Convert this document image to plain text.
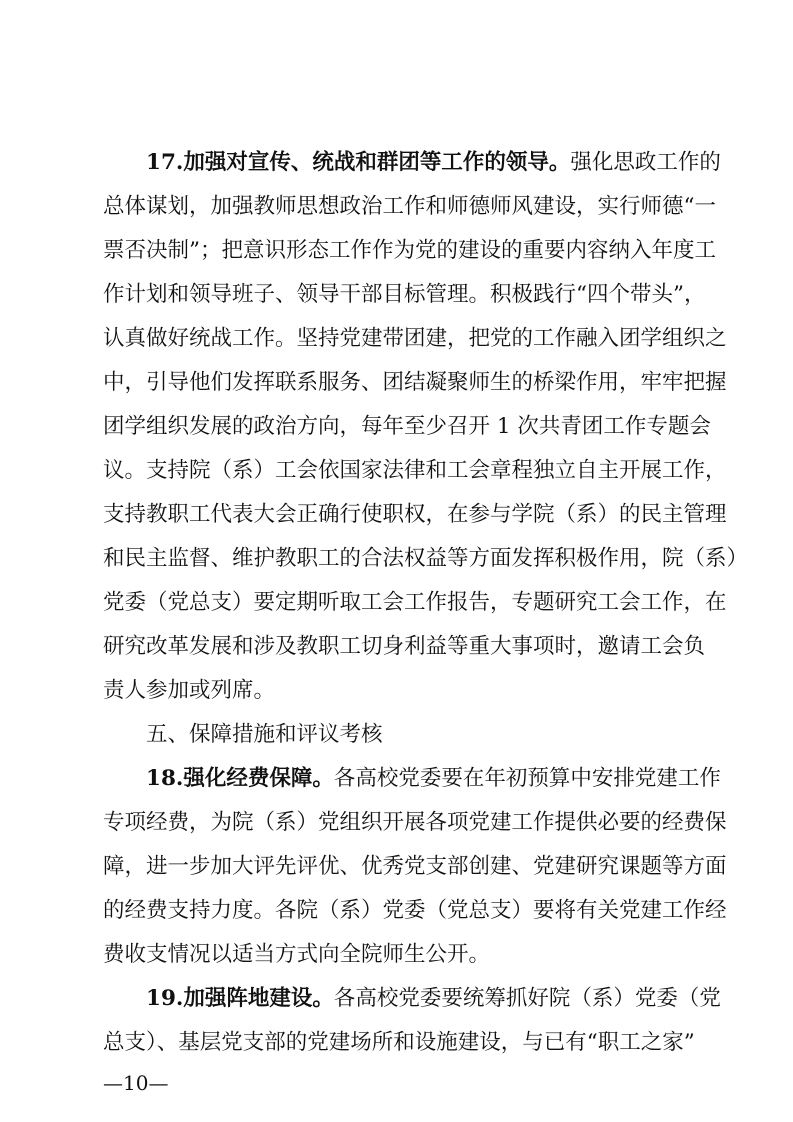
17.加强对宣传、统战和群团等工作的领导。强化思政工作的
总体谋划，加强教师思想政治工作和师德师风建设，实行师德“一
票否决制”；把意识形态工作作为党的建设的重要内容纳入年度工
作计划和领导班子、领导干部目标管理。积极践行“四个带头”，
认真做好统战工作。坚持党建带团建，把党的工作融入团学组织之
中，引导他们发挥联系服务、团结凝聚师生的桥梁作用，牢牢把握
团学组织发展的政治方向，每年至少召开 1 次共青团工作专题会
议。支持院（系）工会依国家法律和工会章程独立自主开展工作，
支持教职工代表大会正确行使职权，在参与学院（系）的民主管理
和民主监督、维护教职工的合法权益等方面发挥积极作用，院（系）
党委（党总支）要定期听取工会工作报告，专题研究工会工作，在
研究改革发展和涉及教职工切身利益等重大事项时，邀请工会负
责人参加或列席。
五、保障措施和评议考核
18.强化经费保障。各高校党委要在年初预算中安排党建工作
专项经费，为院（系）党组织开展各项党建工作提供必要的经费保
障，进一步加大评先评优、优秀党支部创建、党建研究课题等方面
的经费支持力度。各院（系）党委（党总支）要将有关党建工作经
费收支情况以适当方式向全院师生公开。
19.加强阵地建设。各高校党委要统筹抓好院（系）党委（党
总支）、基层党支部的党建场所和设施建设，与已有“职工之家”
—10—
